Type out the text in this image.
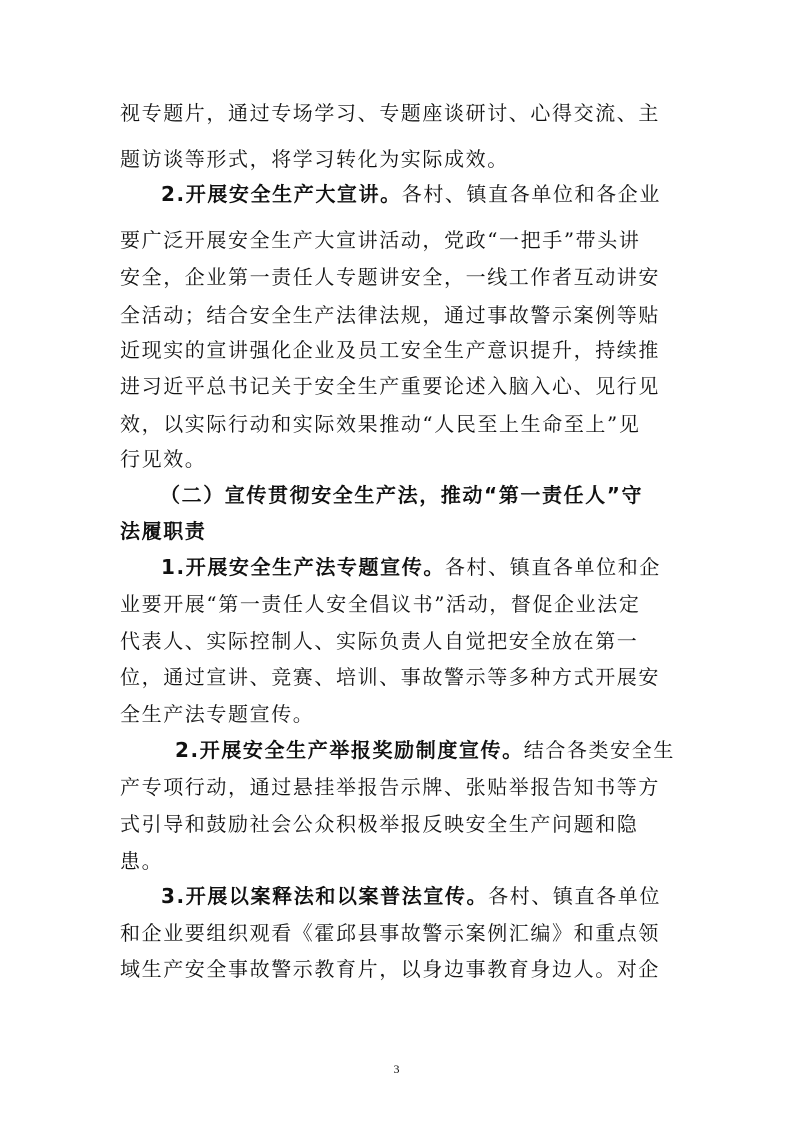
视专题片，通过专场学习、专题座谈研讨、心得交流、主
题访谈等形式，将学习转化为实际成效。
2.开展安全生产大宣讲。各村、镇直各单位和各企业
要广泛开展安全生产大宣讲活动，党政“一把手”带头讲
安全，企业第一责任人专题讲安全，一线工作者互动讲安
全活动；结合安全生产法律法规，通过事故警示案例等贴
近现实的宣讲强化企业及员工安全生产意识提升，持续推
进习近平总书记关于安全生产重要论述入脑入心、见行见
效，以实际行动和实际效果推动“人民至上生命至上”见
行见效。
（二）宣传贯彻安全生产法，推动“第一责任人”守
法履职责
1.开展安全生产法专题宣传。各村、镇直各单位和企
业要开展“第一责任人安全倡议书”活动，督促企业法定
代表人、实际控制人、实际负责人自觉把安全放在第一
位，通过宣讲、竞赛、培训、事故警示等多种方式开展安
全生产法专题宣传。
2.开展安全生产举报奖励制度宣传。结合各类安全生
产专项行动，通过悬挂举报告示牌、张贴举报告知书等方
式引导和鼓励社会公众积极举报反映安全生产问题和隐
患。
3.开展以案释法和以案普法宣传。各村、镇直各单位
和企业要组织观看《霍邱县事故警示案例汇编》和重点领
域生产安全事故警示教育片，以身边事教育身边人。对企
3
